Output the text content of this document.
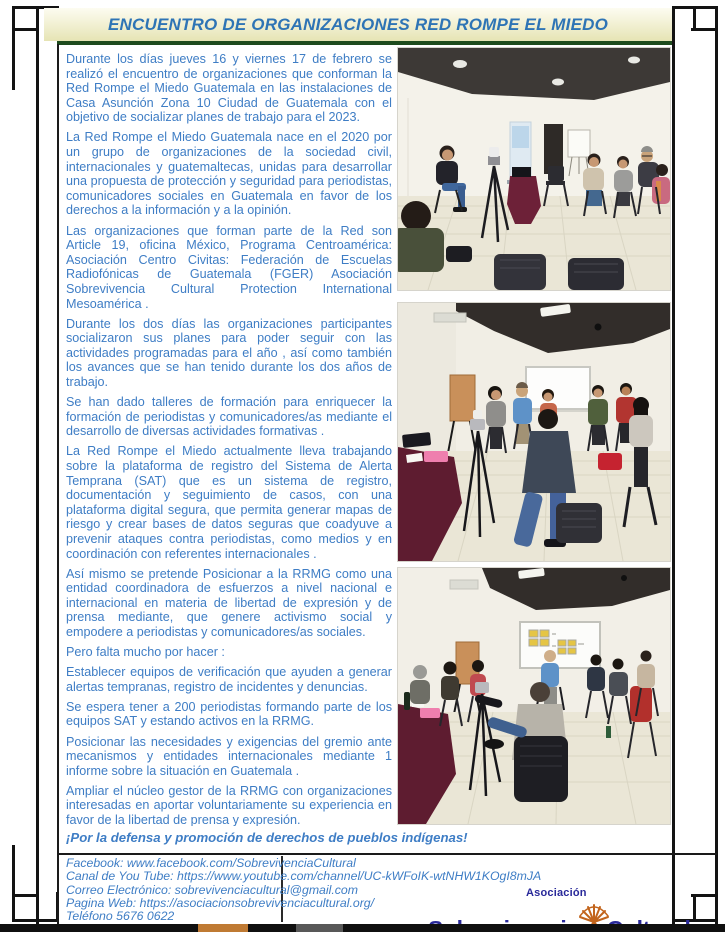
ENCUENTRO DE ORGANIZACIONES RED ROMPE EL MIEDO

Durante los días jueves 16 y viernes 17 de febrero se realizó el encuentro de organizaciones que conforman la Red Rompe el Miedo Guatemala en las instalaciones de Casa Asunción Zona 10 Ciudad de Guatemala con el objetivo de socializar planes de trabajo para el 2023.

La Red Rompe el Miedo Guatemala nace en el 2020 por un grupo de organizaciones de la sociedad civil, internacionales y guatemaltecas, unidas para desarrollar una propuesta de protección y seguridad para periodistas, comunicadores sociales en Guatemala en favor de los derechos a la información y a la opinión.

Las organizaciones que forman parte de la Red son Article 19, oficina México, Programa Centroamérica: Asociación Centro Civitas: Federación de Escuelas Radiofónicas de Guatemala (FGER) Asociación Sobrevivencia Cultural Protection International Mesoamérica .

Durante los dos días las organizaciones participantes socializaron sus planes para poder seguir con las actividades programadas para el año , así como también los avances que se han tenido durante los dos años de trabajo.

Se han dado talleres de formación para enriquecer la formación de periodistas y comunicadores/as mediante el desarrollo de diversas actividades formativas .

La Red Rompe el Miedo actualmente lleva trabajando sobre la plataforma de registro del Sistema de Alerta Temprana (SAT) que es un sistema de registro, documentación y seguimiento de casos, con una plataforma digital segura, que permita generar mapas de riesgo y crear bases de datos seguras que coadyuve a prevenir ataques contra periodistas, como medios y en coordinación con referentes internacionales .

Así mismo se pretende Posicionar a la RRMG como una entidad coordinadora de esfuerzos a nivel nacional e internacional en materia de libertad de expresión y de prensa mediante, que genere activismo social y empodere a periodistas y comunicadores/as sociales.

Pero falta mucho por hacer :

Establecer equipos de verificación que ayuden a generar alertas tempranas, registro de incidentes y denuncias.

Se espera tener a 200 periodistas formando parte de los equipos SAT y estando activos en la RRMG.

Posicionar las necesidades y exigencias del gremio ante mecanismos y entidades internacionales mediante 1 informe sobre la situación en Guatemala .

Ampliar el núcleo gestor de la RRMG con organizaciones interesadas en aportar voluntariamente su experiencia en favor de la libertad de prensa y expresión.

¡Por la defensa y promoción de derechos de pueblos indígenas!
Facebook: www.facebook.com/SobrevivenciaCultural
Canal de You Tube: https://www.youtube.com/channel/UC-kWFoIK-wtNHW1KOgI8mJA
Correo Electrónico: sobrevivenciacultural@gmail.com
Pagina Web: https://asociacionsobrevivenciacultural.org/
Teléfono 5676 0622
Asociación
